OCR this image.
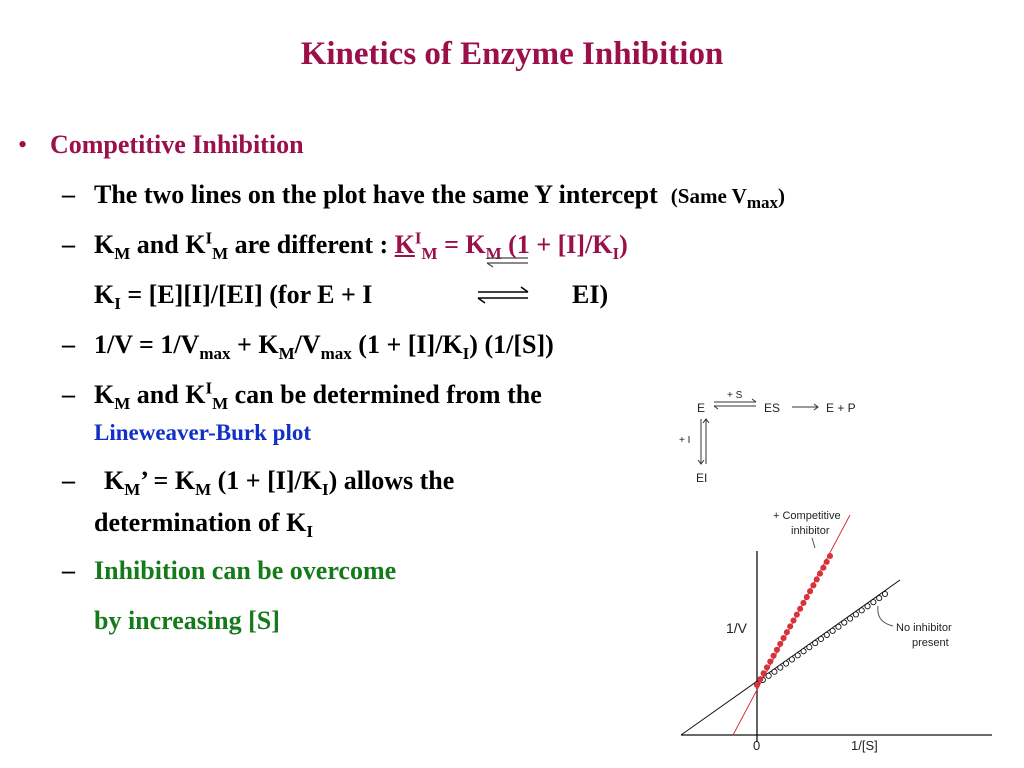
Kinetics of Enzyme Inhibition
• Competitive Inhibition
– The two lines on the plot have the same Y intercept (Same $V_{max}$)
– $K_M$ and $K^I_M$ are different : $K^I_M = K_M$ $(1 + [I]/K_I)$
$K_I = [E][I]/[EI]$ (for E + I	EI)
– $1/V = 1/V_{max} + K_M/V_{max}$ $(1 + [I]/K_I)$ (1/[S])
– $K_M$ and $K^I_M$ can be determined from the
Lineweaver-Burk plot
– $K_M$’ = $K_M$ $(1 + [I]/K_I)$ allows the
determination of $K_I$
– Inhibition can be overcome
by increasing [S]
E
+ S
ES	E + P
+ I
EI
+ Competitive
inhibitor
No inhibitor
present
1/V
0	1/[S]
